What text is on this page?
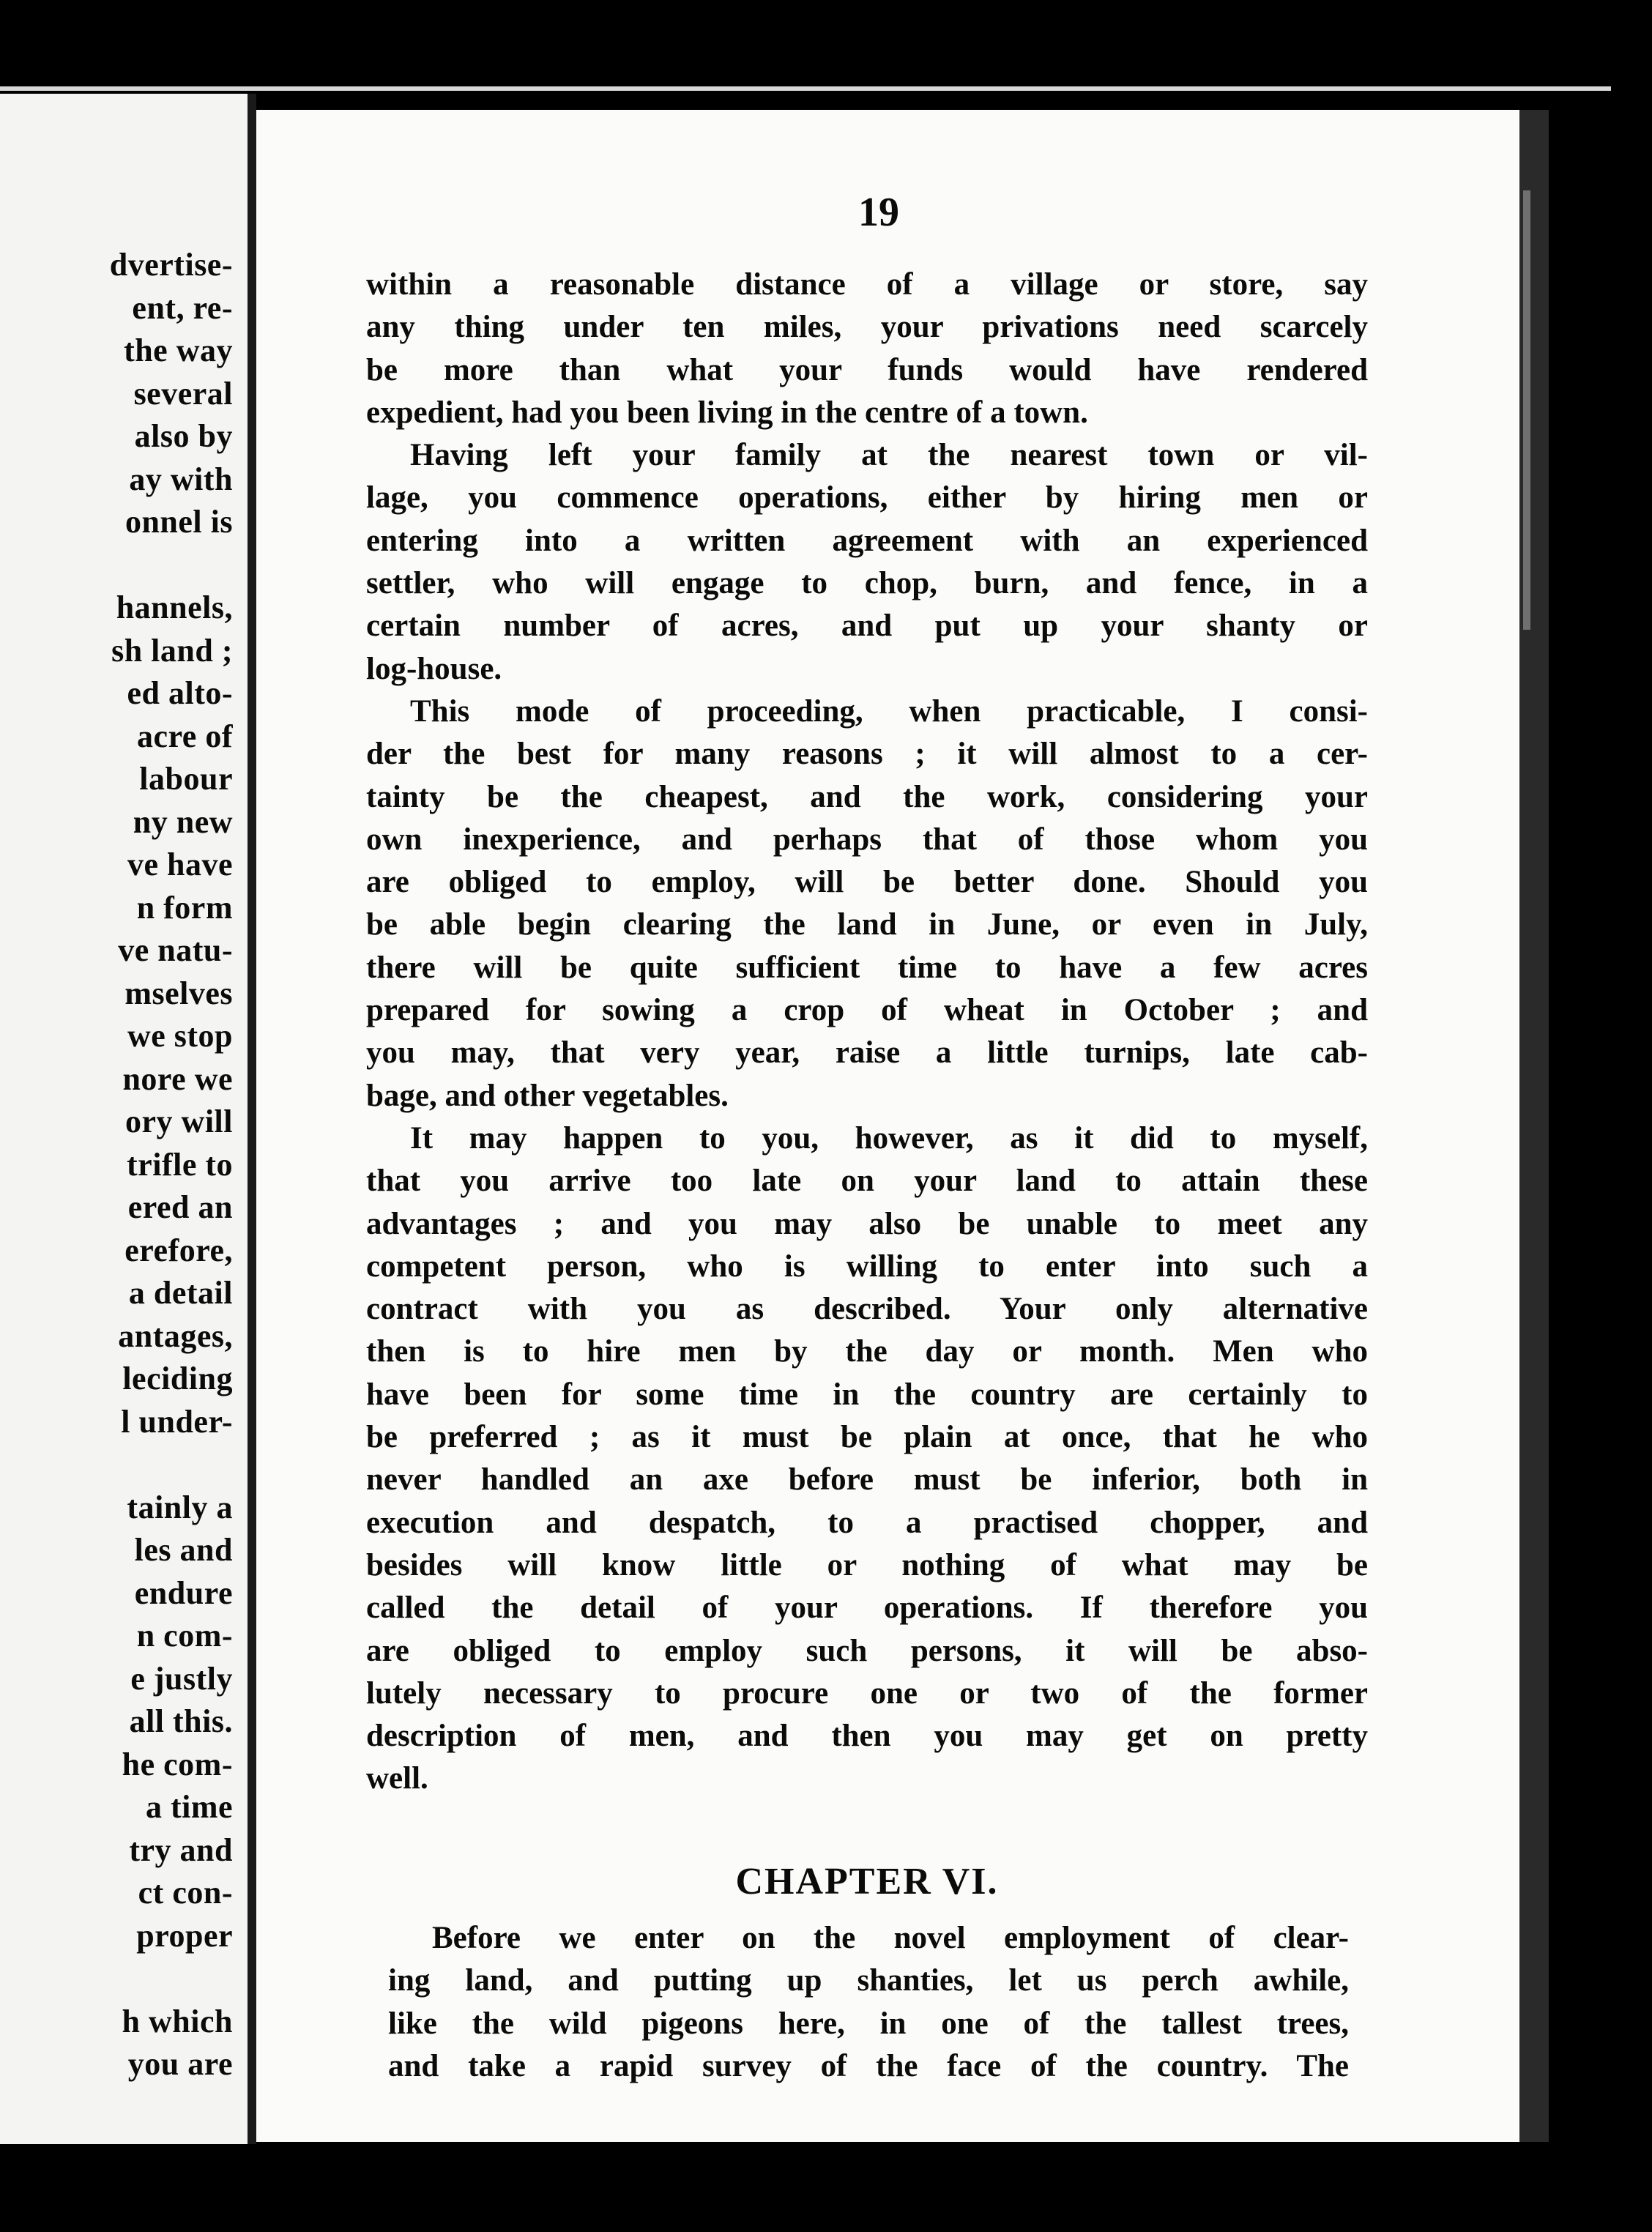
dvertise-
ent, re-
the way
several
also by
ay with
onnel is
hannels,
sh land ;
ed alto-
acre of
labour
ny new
ve have
n form
ve natu-
mselves
we stop
nore we
ory will
trifle to
ered an
erefore,
a detail
antages,
leciding
l under-
tainly a
les and
endure
n com-
e justly
all this.
he com-
a time
try and
ct con-
proper
h which
you are
19
within a reasonable distance of a village or store, say
any thing under ten miles, your privations need scarcely
be more than what your funds would have rendered
expedient, had you been living in the centre of a town.
Having left your family at the nearest town or vil-
lage, you commence operations, either by hiring men or
entering into a written agreement with an experienced
settler, who will engage to chop, burn, and fence, in a
certain number of acres, and put up your shanty or
log-house.
This mode of proceeding, when practicable, I consi-
der the best for many reasons ; it will almost to a cer-
tainty be the cheapest, and the work, considering your
own inexperience, and perhaps that of those whom you
are obliged to employ, will be better done. Should you
be able begin clearing the land in June, or even in July,
there will be quite sufficient time to have a few acres
prepared for sowing a crop of wheat in October ; and
you may, that very year, raise a little turnips, late cab-
bage, and other vegetables.
It may happen to you, however, as it did to myself,
that you arrive too late on your land to attain these
advantages ; and you may also be unable to meet any
competent person, who is willing to enter into such a
contract with you as described. Your only alternative
then is to hire men by the day or month. Men who
have been for some time in the country are certainly to
be preferred ; as it must be plain at once, that he who
never handled an axe before must be inferior, both in
execution and despatch, to a practised chopper, and
besides will know little or nothing of what may be
called the detail of your operations. If therefore you
are obliged to employ such persons, it will be abso-
lutely necessary to procure one or two of the former
description of men, and then you may get on pretty
well.
CHAPTER VI.
Before we enter on the novel employment of clear-
ing land, and putting up shanties, let us perch awhile,
like the wild pigeons here, in one of the tallest trees,
and take a rapid survey of the face of the country. The
